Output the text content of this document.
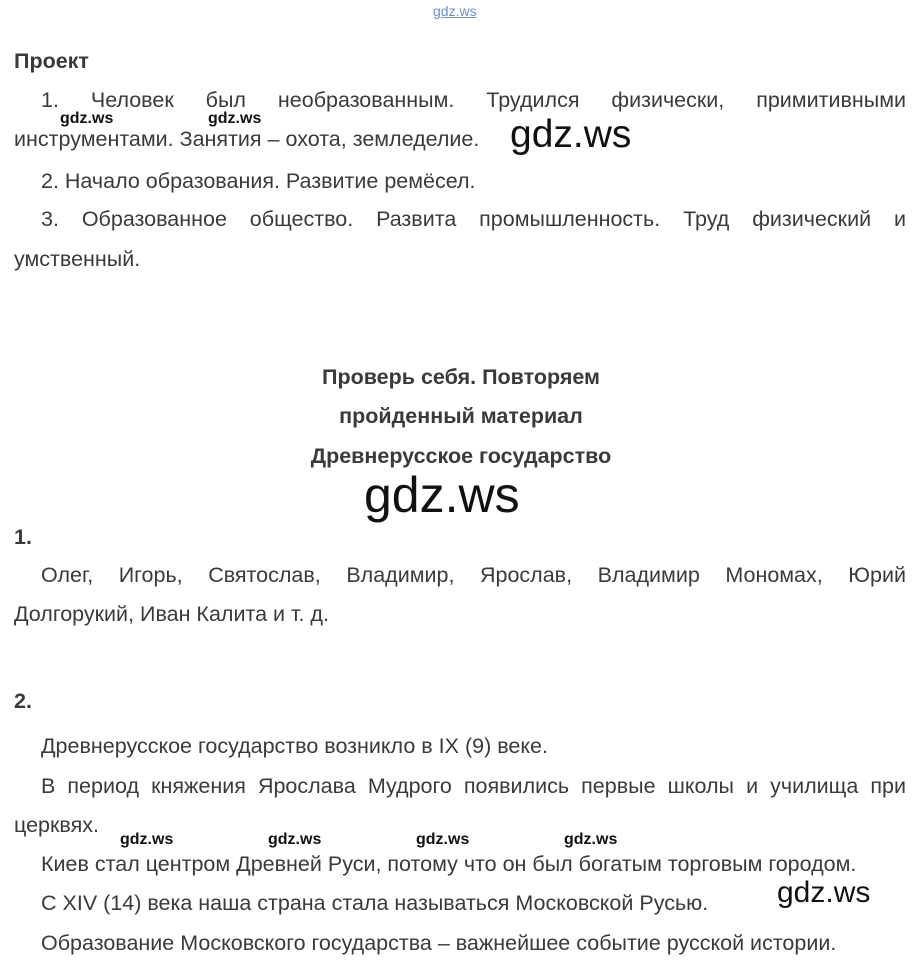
gdz.ws
Проект
1. Человек был необразованным. Трудился физически, примитивными
инструментами. Занятия – охота, земледелие.
2. Начало образования. Развитие ремёсел.
3. Образованное общество. Развита промышленность. Труд физический и
умственный.
gdz.ws	gdz.ws	gdz.ws
Проверь себя. Повторяем
пройденный материал
Древнерусское государство
gdz.ws
1.
Олег, Игорь, Святослав, Владимир, Ярослав, Владимир Мономах, Юрий
Долгорукий, Иван Калита и т. д.
2.
Древнерусское государство возникло в IX (9) веке.
В период княжения Ярослава Мудрого появились первые школы и училища при
церквях.
Киев стал центром Древней Руси, потому что он был богатым торговым городом.
С XIV (14) века наша страна стала называться Московской Русью.
Образование Московского государства – важнейшее событие русской истории.
gdz.ws	gdz.ws	gdz.ws	gdz.ws
gdz.ws
